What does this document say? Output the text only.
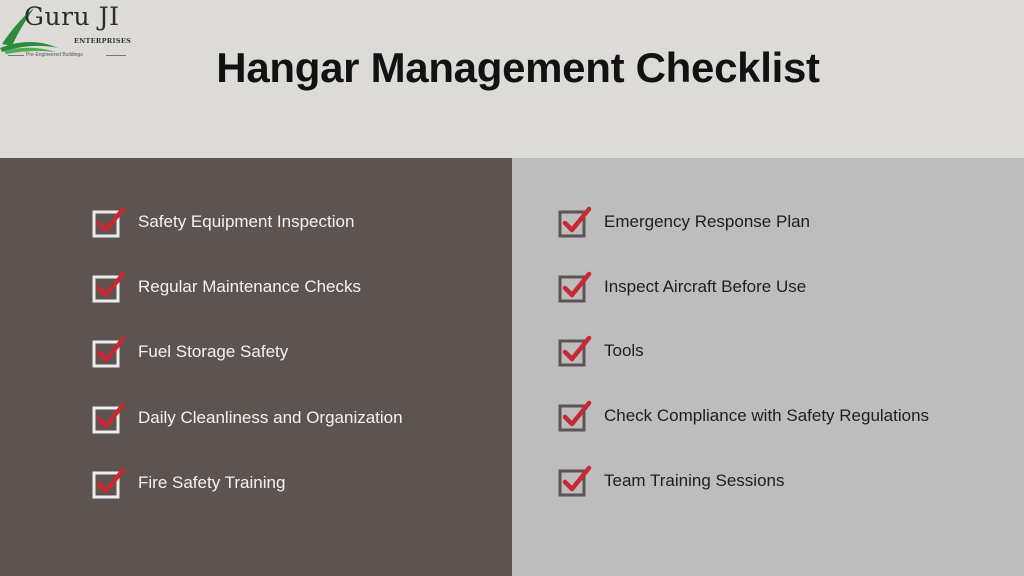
Guru JI
ENTERPRISES
Pre-Engineered Buildings	Hangar Management Checklist
Safety Equipment Inspection
Regular Maintenance Checks
Fuel Storage Safety
Daily Cleanliness and Organization
Fire Safety Training
Emergency Response Plan
Inspect Aircraft Before Use
Tools
Check Compliance with Safety Regulations
Team Training Sessions
